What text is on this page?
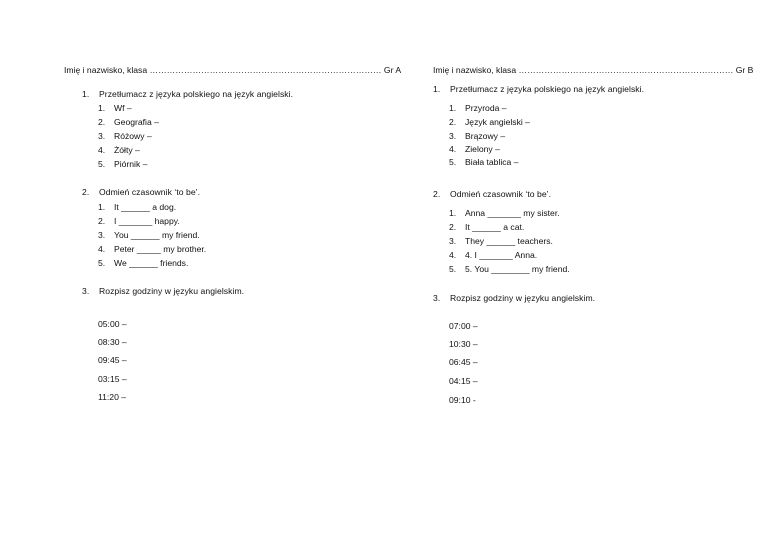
Imię i nazwisko, klasa ……………………………………………………………………… Gr A
1. Przetłumacz z języka polskiego na język angielski.
1. Wf –
2. Geografia –
3. Różowy –
4. Żółty –
5. Piórnik –
2. Odmień czasownik ‘to be’.
1. It ______ a dog.
2. I _______ happy.
3. You ______ my friend.
4. Peter _____ my brother.
5. We ______ friends.
3. Rozpisz godziny w języku angielskim.
05:00 –
08:30 –
09:45 –
03:15 –
11:20 –
Imię i nazwisko, klasa ………………………………………………………………… Gr B
1. Przetłumacz z języka polskiego na język angielski.
1. Przyroda –
2. Język angielski –
3. Brązowy –
4. Zielony –
5. Biała tablica –
2. Odmień czasownik ‘to be’.
1. Anna _______ my sister.
2. It ______ a cat.
3. They ______ teachers.
4. 4. I _______ Anna.
5. 5. You ________ my friend.
3. Rozpisz godziny w języku angielskim.
07:00 –
10:30 –
06:45 –
04:15 –
09:10 -
